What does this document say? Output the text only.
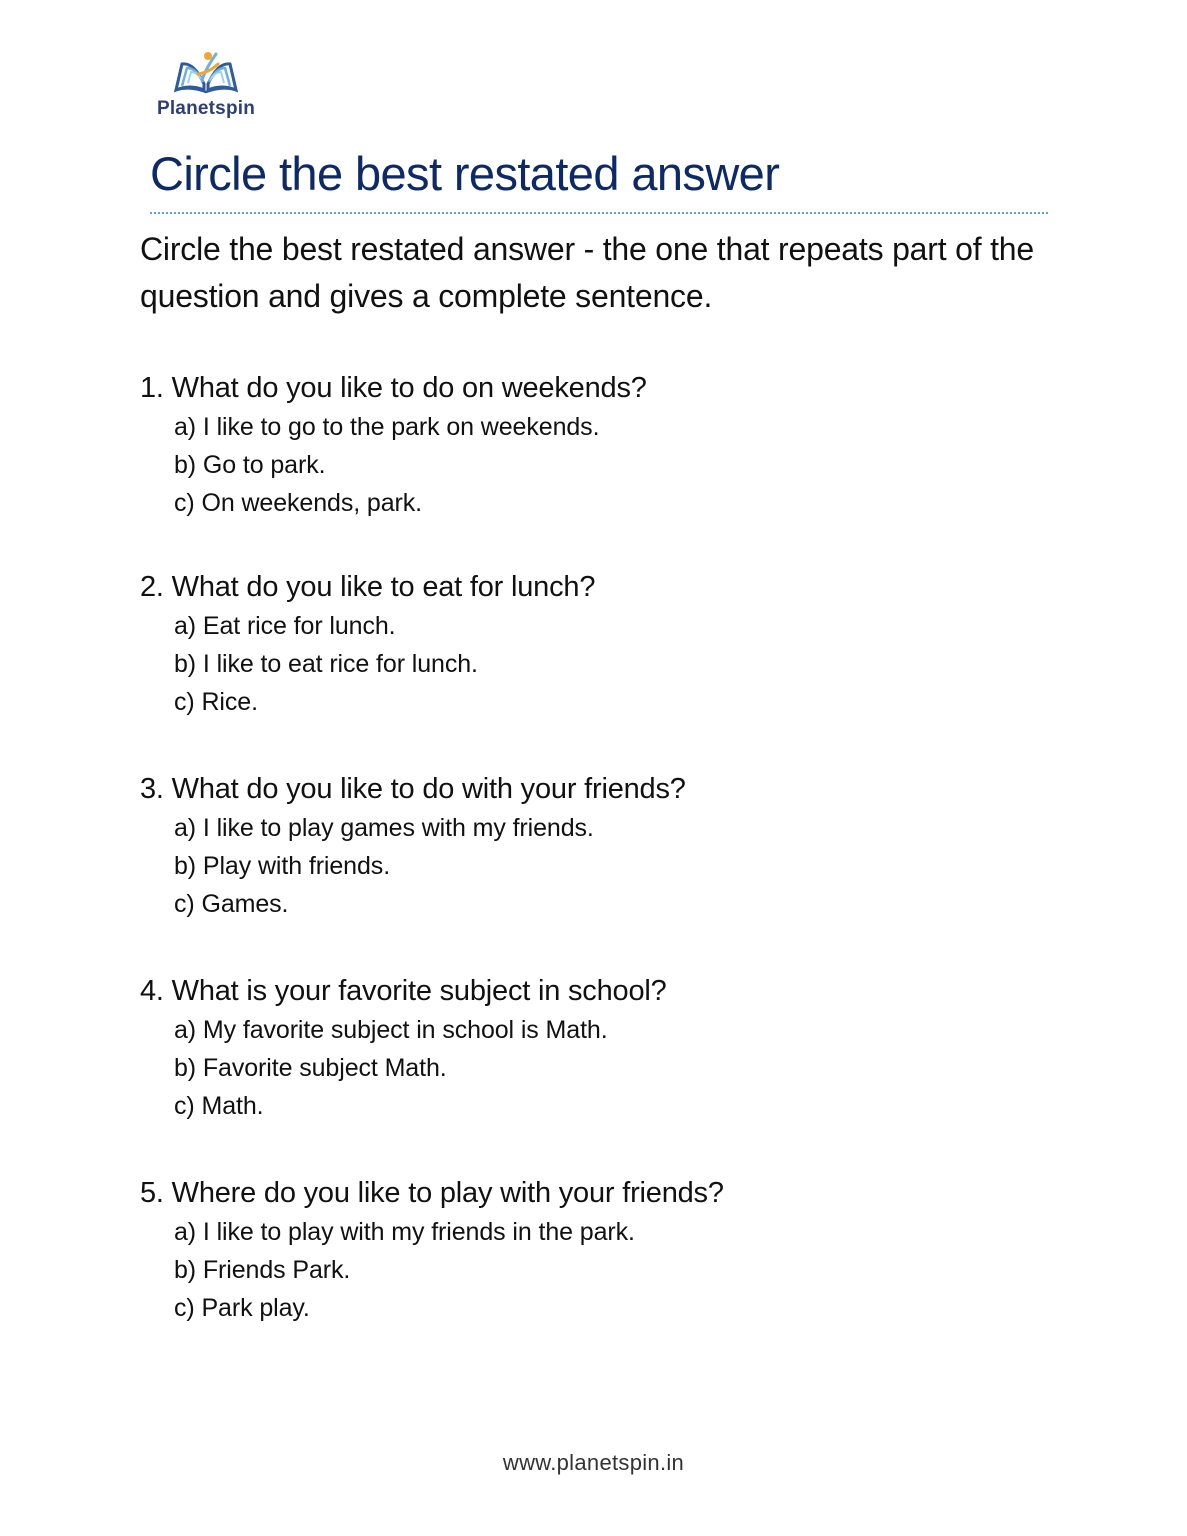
Planetspin
Circle the best restated answer

Circle the best restated answer - the one that repeats part of the question and gives a complete sentence.

1. What do you like to do on weekends?

a) I like to go to the park on weekends.
b) Go to park.
c) On weekends, park.

2. What do you like to eat for lunch?

a) Eat rice for lunch.
b) I like to eat rice for lunch.
c) Rice.

3. What do you like to do with your friends?

a) I like to play games with my friends.
b) Play with friends.
c) Games.

4. What is your favorite subject in school?

a) My favorite subject in school is Math.
b) Favorite subject Math.
c) Math.

5. Where do you like to play with your friends?

a) I like to play with my friends in the park.
b) Friends Park.
c) Park play.
www.planetspin.in
